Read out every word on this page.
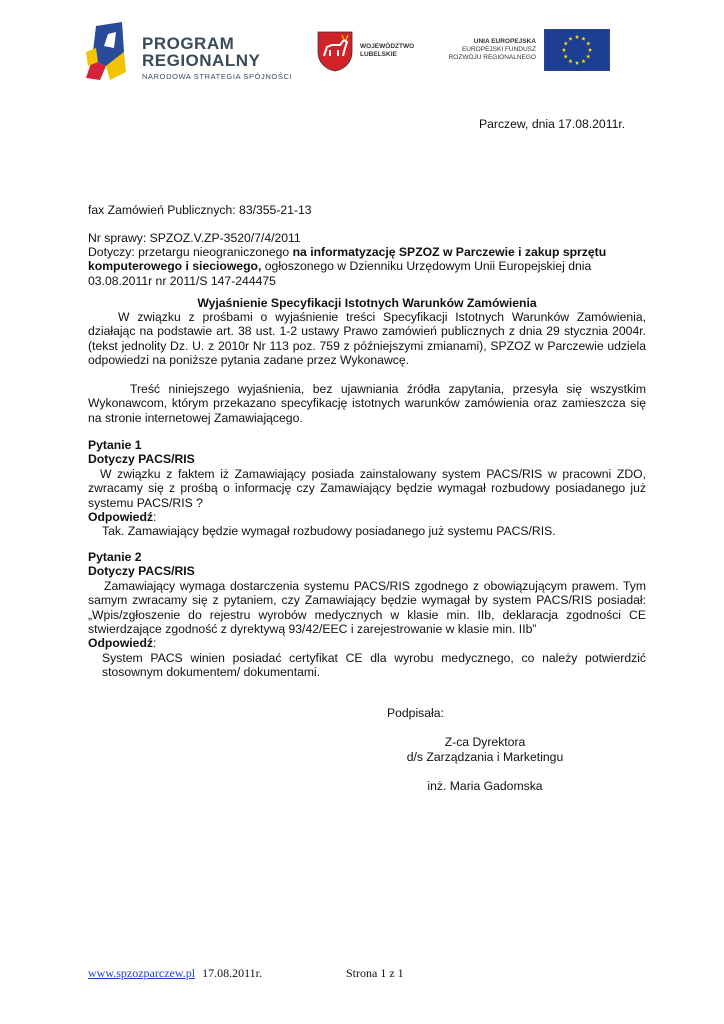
PROGRAM
REGIONALNY
NARODOWA STRATEGIA SPÓJNOŚCI
WOJEWÓDZTWO
LUBELSKIE
UNIA EUROPEJSKA
EUROPEJSKI FUNDUSZ
ROZWOJU REGIONALNEGO
Parczew, dnia 17.08.2011r.
fax Zamówień Publicznych: 83/355-21-13
Nr sprawy: SPZOZ.V.ZP-3520/7/4/2011
Dotyczy: przetargu nieograniczonego na informatyzację SPZOZ w Parczewie i zakup sprzętu komputerowego i sieciowego, ogłoszonego w Dzienniku Urzędowym Unii Europejskiej dnia 03.08.2011r nr 2011/S 147-244475
Wyjaśnienie Specyfikacji Istotnych Warunków Zamówienia
W związku z prośbami o wyjaśnienie treści Specyfikacji Istotnych Warunków Zamówienia, działając na podstawie art. 38 ust. 1-2 ustawy Prawo zamówień publicznych z dnia 29 stycznia 2004r. (tekst jednolity Dz. U. z 2010r Nr 113 poz. 759 z późniejszymi zmianami), SPZOZ w Parczewie udziela odpowiedzi na poniższe pytania zadane przez Wykonawcę.
Treść niniejszego wyjaśnienia, bez ujawniania źródła zapytania, przesyła się wszystkim Wykonawcom, którym przekazano specyfikację istotnych warunków zamówienia oraz zamieszcza się na stronie internetowej Zamawiającego.

Pytanie 1

Dotyczy PACS/RIS

W związku z faktem iż Zamawiający posiada zainstalowany system PACS/RIS w pracowni ZDO, zwracamy się z prośbą o informację czy Zamawiający będzie wymagał rozbudowy posiadanego już systemu PACS/RIS ?

Odpowiedź:

Tak. Zamawiający będzie wymagał rozbudowy posiadanego już systemu PACS/RIS.

Pytanie 2

Dotyczy PACS/RIS

Zamawiający wymaga dostarczenia systemu PACS/RIS zgodnego z obowiązującym prawem. Tym samym zwracamy się z pytaniem, czy Zamawiający będzie wymagał by system PACS/RIS posiadał: „Wpis/zgłoszenie do rejestru wyrobów medycznych w klasie min. IIb, deklaracja zgodności CE stwierdzające zgodność z dyrektywą 93/42/EEC i zarejestrowanie w klasie min. IIb”

Odpowiedź:

System PACS winien posiadać certyfikat CE dla wyrobu medycznego, co należy potwierdzić stosownym dokumentem/ dokumentami.

Podpisała:

Z-ca Dyrektora

d/s Zarządzania i Marketingu

inż. Maria Gadomska

www.spzozparczew.pl 17.08.2011r.	Strona 1 z 1
